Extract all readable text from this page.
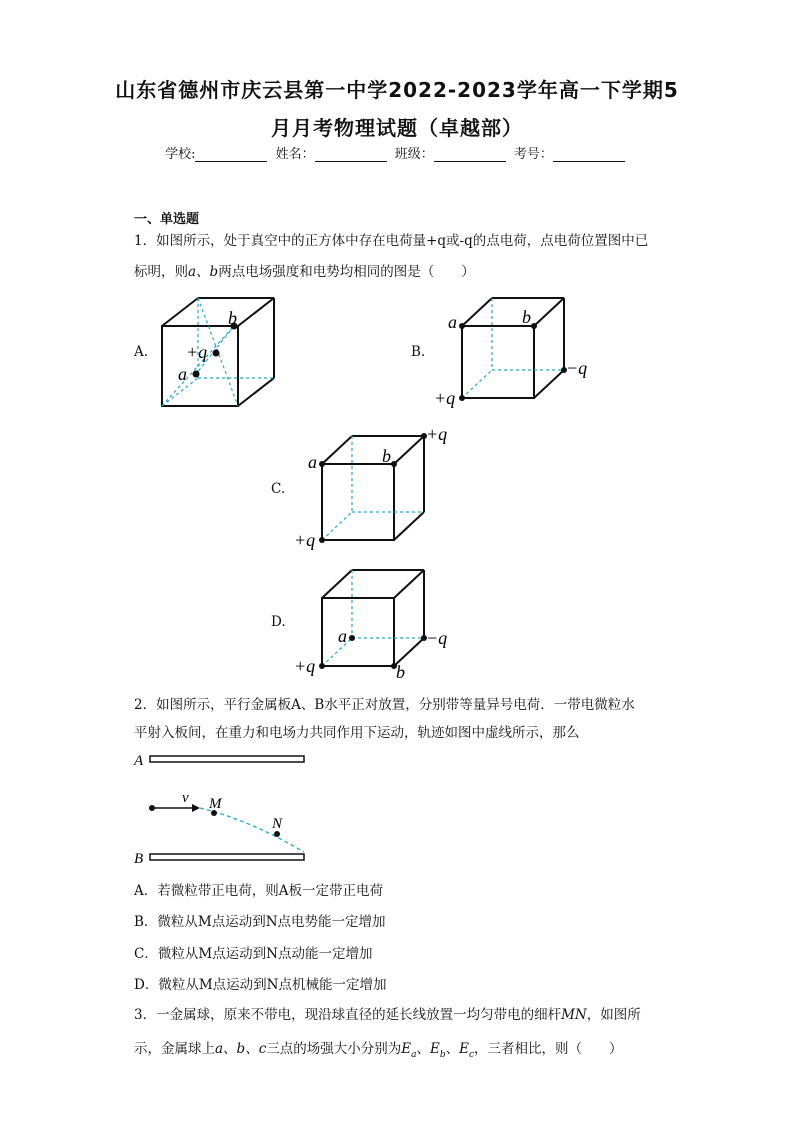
山东省德州市庆云县第一中学2022-2023学年高一下学期5
月月考物理试题（卓越部）
学校:	姓名：	班级：	考号：
一、单选题
1．如图所示，处于真空中的正方体中存在电荷量+q或-q的点电荷，点电荷位置图中已
标明，则a、b两点电场强度和电势均相同的图是（　　）
A.	B.
C.
D.
b
+q
a
a	b
−q
+q
a	b
+q
+q
a	−q
+q	b
2．如图所示，平行金属板A、B水平正对放置，分别带等量异号电荷．一带电微粒水
平射入板间，在重力和电场力共同作用下运动，轨迹如图中虚线所示，那么
A
B
v M
N
A．若微粒带正电荷，则A板一定带正电荷
B．微粒从M点运动到N点电势能一定增加
C．微粒从M点运动到N点动能一定增加
D．微粒从M点运动到N点机械能一定增加
3．一金属球，原来不带电，现沿球直径的延长线放置一均匀带电的细杆MN，如图所
示，金属球上a、b、c三点的场强大小分别为$E_a$、$E_b$、$E_c$，三者相比，则（　　）
